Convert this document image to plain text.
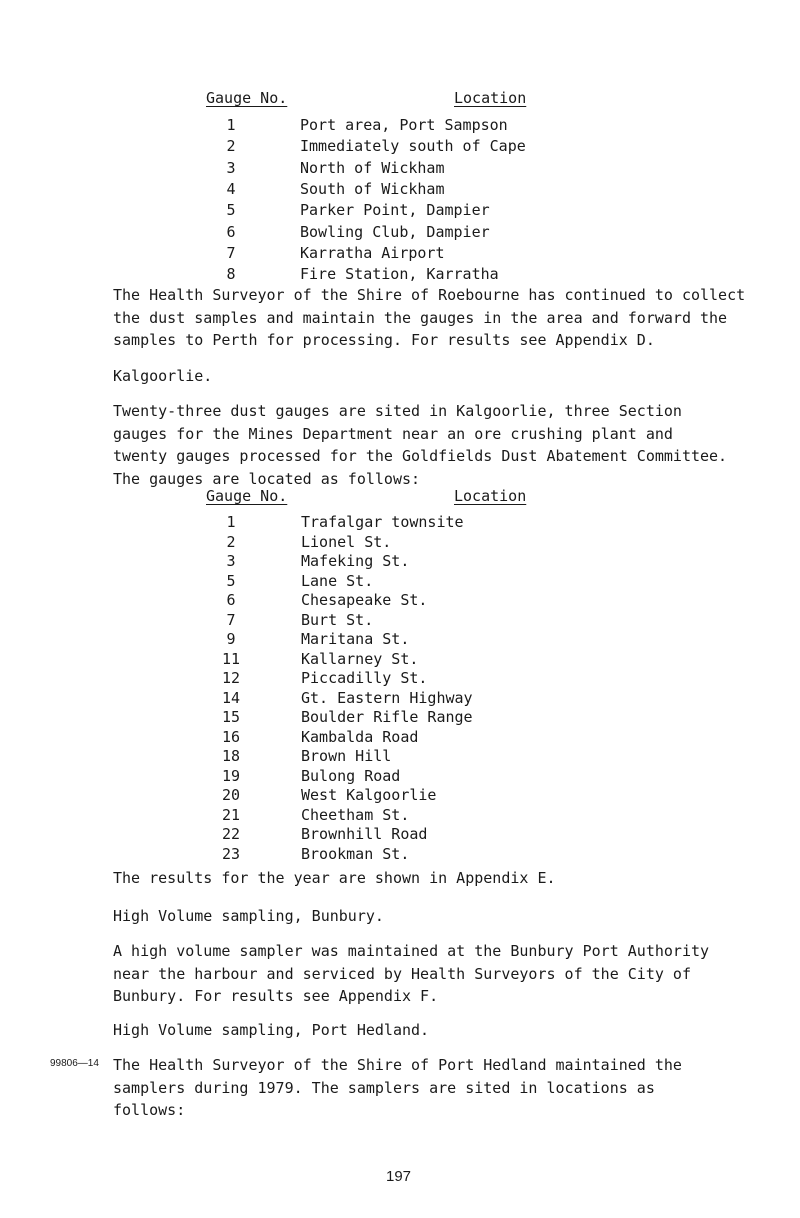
Gauge No.	Location
1	Port area, Port Sampson
2	Immediately south of Cape
3	North of Wickham
4	South of Wickham
5	Parker Point, Dampier
6	Bowling Club, Dampier
7	Karratha Airport
8	Fire Station, Karratha
The Health Surveyor of the Shire of Roebourne has continued to collect
the dust samples and maintain the gauges in the area and forward the
samples to Perth for processing. For results see Appendix D.
Kalgoorlie.
Twenty-three dust gauges are sited in Kalgoorlie, three Section
gauges for the Mines Department near an ore crushing plant and
twenty gauges processed for the Goldfields Dust Abatement Committee.
The gauges are located as follows:
Gauge No.	Location
1	Trafalgar townsite
2	Lionel St.
3	Mafeking St.
5	Lane St.
6	Chesapeake St.
7	Burt St.
9	Maritana St.
11	Kallarney St.
12	Piccadilly St.
14	Gt. Eastern Highway
15	Boulder Rifle Range
16	Kambalda Road
18	Brown Hill
19	Bulong Road
20	West Kalgoorlie
21	Cheetham St.
22	Brownhill Road
23	Brookman St.
The results for the year are shown in Appendix E.
High Volume sampling, Bunbury.
A high volume sampler was maintained at the Bunbury Port Authority
near the harbour and serviced by Health Surveyors of the City of
Bunbury. For results see Appendix F.
High Volume sampling, Port Hedland.
The Health Surveyor of the Shire of Port Hedland maintained the
samplers during 1979. The samplers are sited in locations as
follows:
99806—14
197
